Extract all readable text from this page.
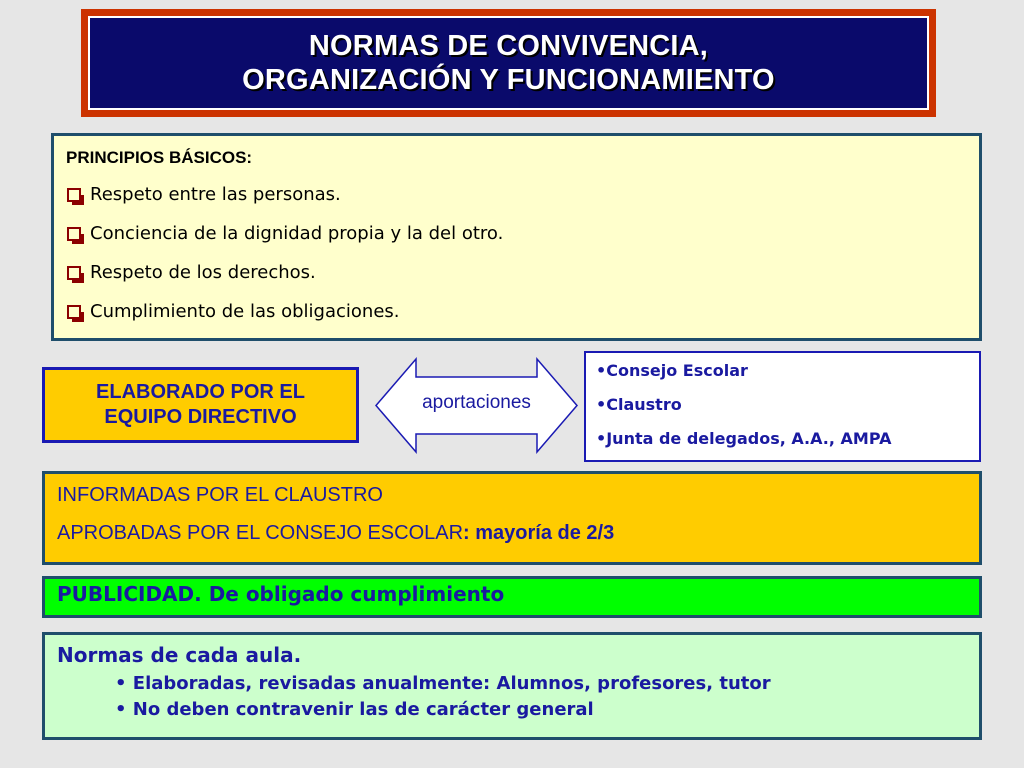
NORMAS DE CONVIVENCIA,
ORGANIZACIÓN Y FUNCIONAMIENTO
PRINCIPIOS BÁSICOS:
Respeto entre las personas.
Conciencia de la dignidad propia y la del otro.
Respeto de los derechos.
Cumplimiento de las obligaciones.
ELABORADO POR EL
EQUIPO DIRECTIVO
aportaciones
•Consejo Escolar
•Claustro
•Junta de delegados, A.A., AMPA
INFORMADAS POR EL CLAUSTRO
APROBADAS POR EL CONSEJO ESCOLAR: mayoría de 2/3
PUBLICIDAD. De obligado cumplimiento
Normas de cada aula.
• Elaboradas, revisadas anualmente: Alumnos, profesores, tutor
• No deben contravenir las de carácter general
